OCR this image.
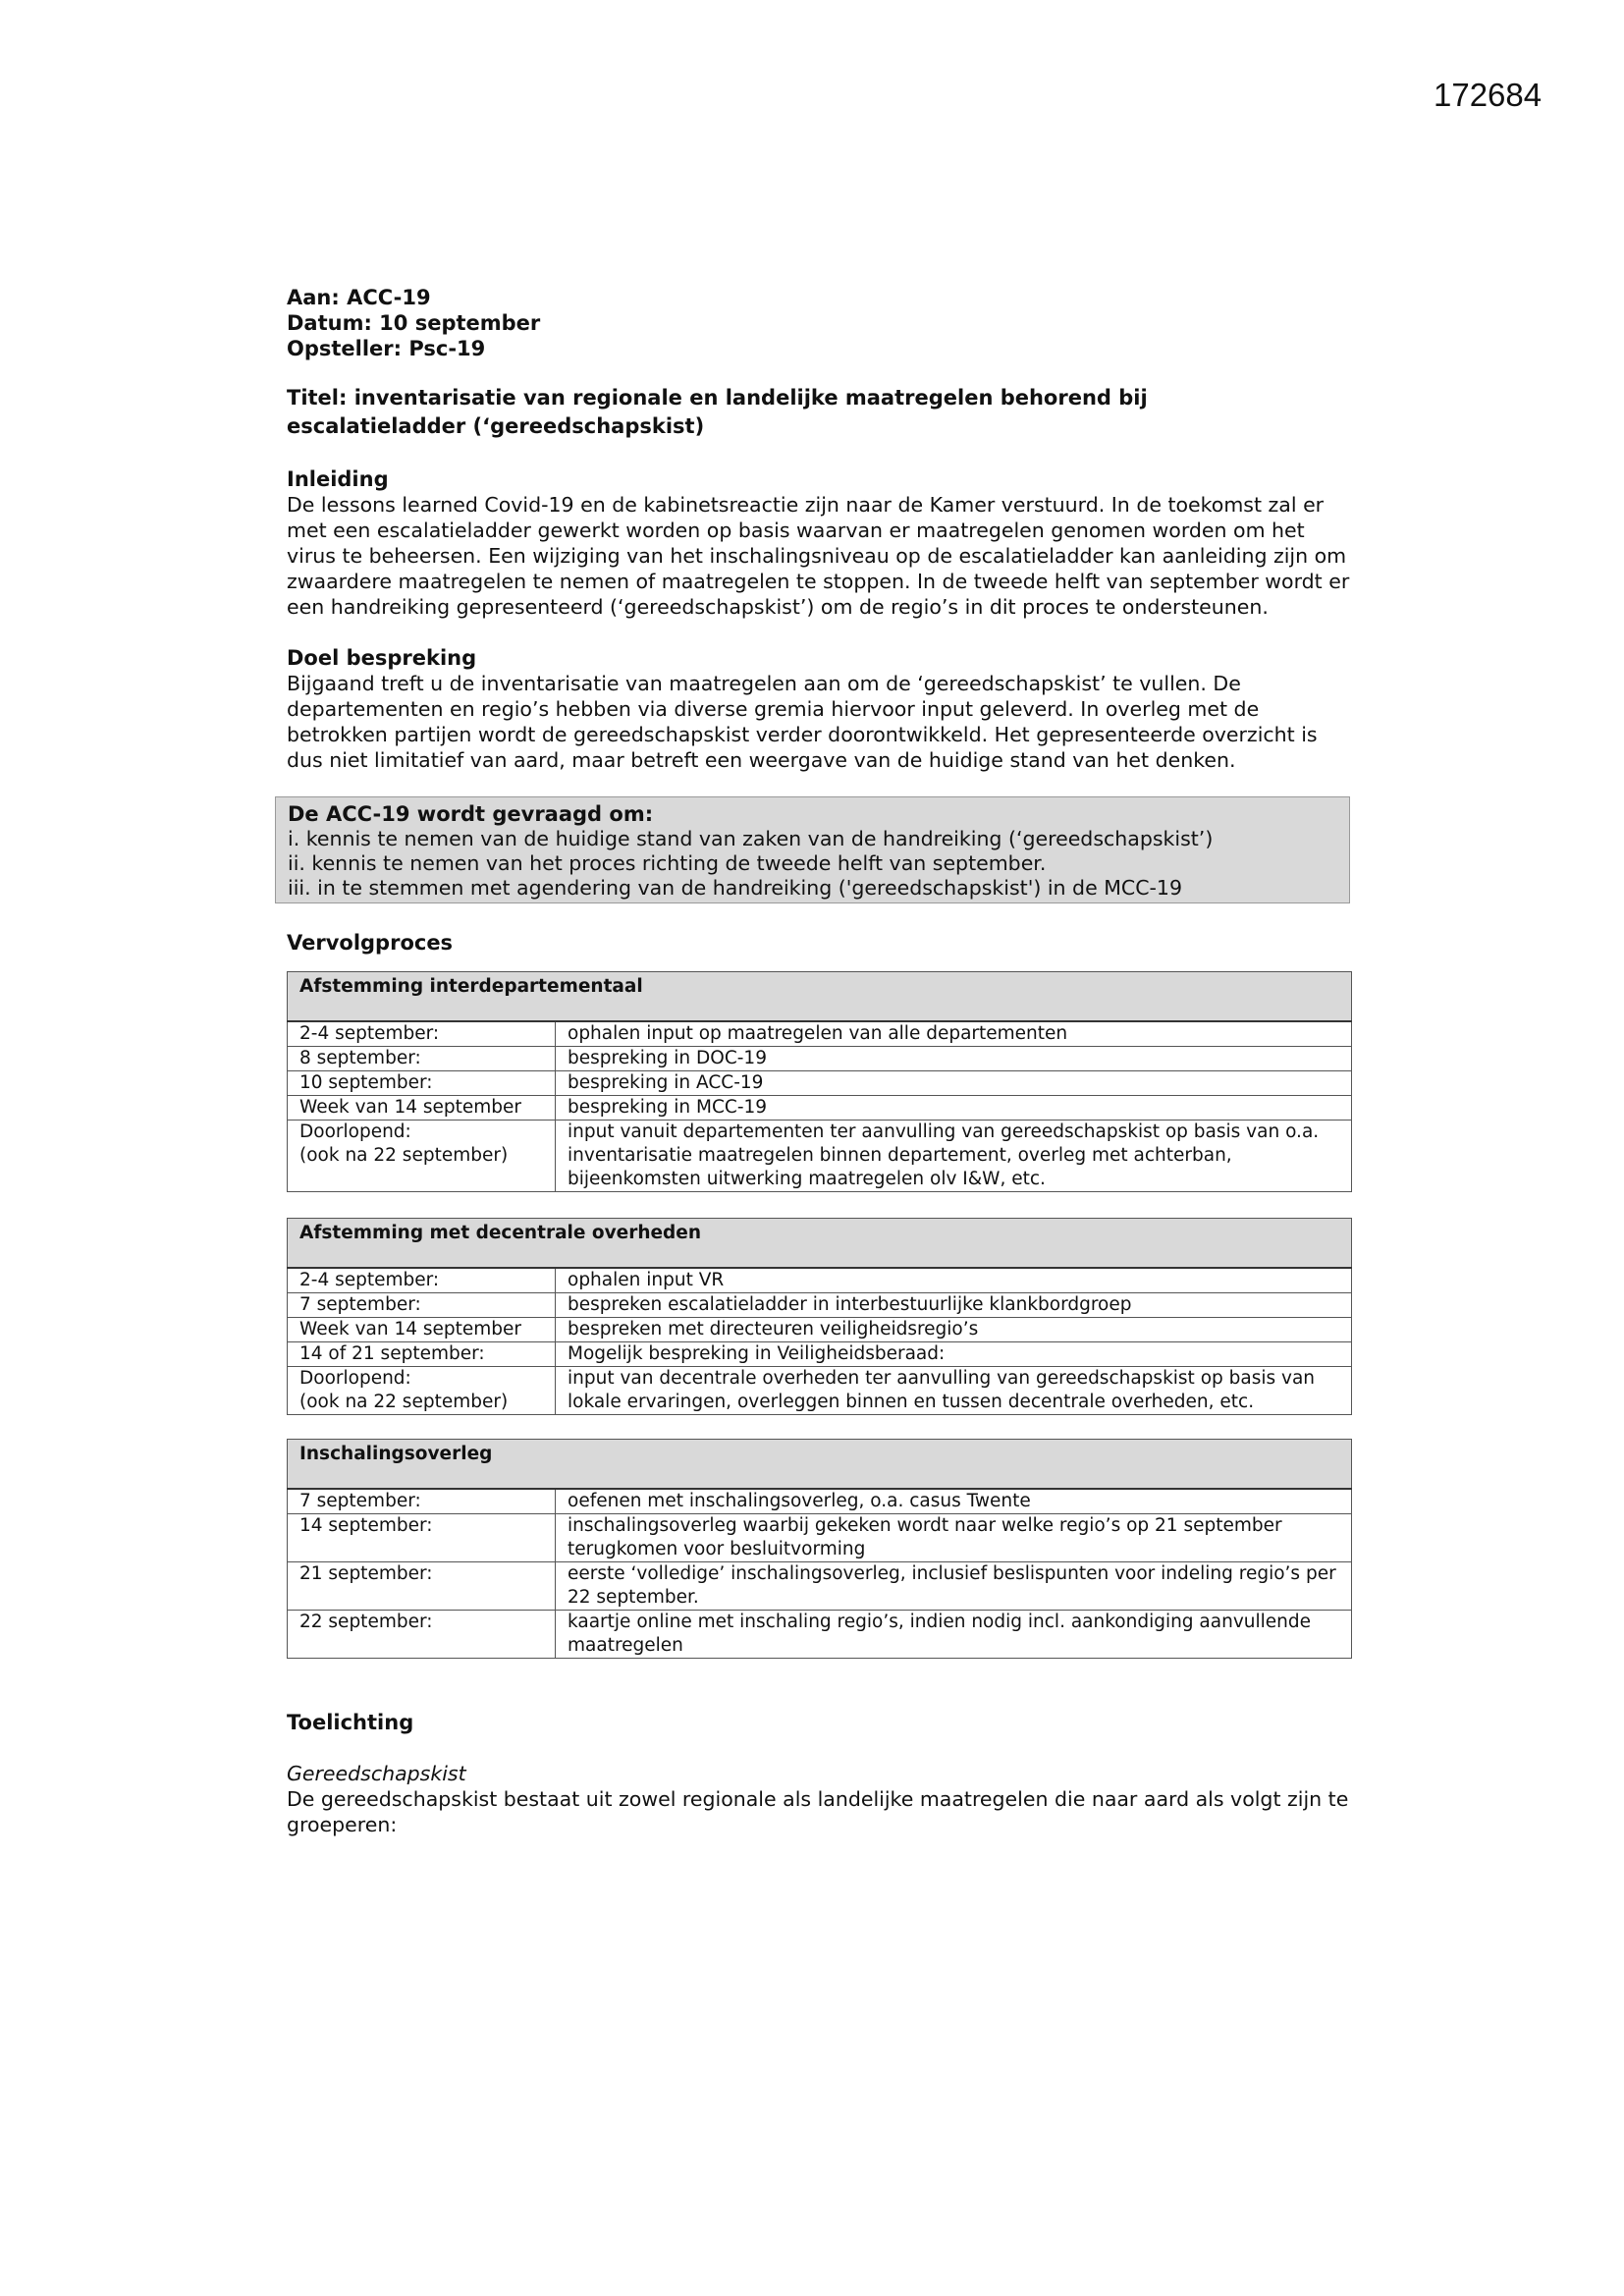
172684

Aan: ACC-19

Datum: 10 september

Opsteller: Psc-19

Titel: inventarisatie van regionale en landelijke maatregelen behorend bij escalatieladder (‘gereedschapskist)

Inleiding

De lessons learned Covid-19 en de kabinetsreactie zijn naar de Kamer verstuurd. In de toekomst zal er met een escalatieladder gewerkt worden op basis waarvan er maatregelen genomen worden om het virus te beheersen. Een wijziging van het inschalingsniveau op de escalatieladder kan aanleiding zijn om zwaardere maatregelen te nemen of maatregelen te stoppen. In de tweede helft van september wordt er een handreiking gepresenteerd (‘gereedschapskist’) om de regio’s in dit proces te ondersteunen.

Doel bespreking

Bijgaand treft u de inventarisatie van maatregelen aan om de ‘gereedschapskist’ te vullen. De departementen en regio’s hebben via diverse gremia hiervoor input geleverd. In overleg met de betrokken partijen wordt de gereedschapskist verder doorontwikkeld. Het gepresenteerde overzicht is dus niet limitatief van aard, maar betreft een weergave van de huidige stand van het denken.

De ACC-19 wordt gevraagd om:
i. kennis te nemen van de huidige stand van zaken van de handreiking (‘gereedschapskist’)
ii. kennis te nemen van het proces richting de tweede helft van september.
iii. in te stemmen met agendering van de handreiking ('gereedschapskist') in de MCC-19

Vervolgproces

Afstemming interdepartementaal	
2-4 september:	ophalen input op maatregelen van alle departementen
8 september:	bespreking in DOC-19
10 september:	bespreking in ACC-19
Week van 14 september	bespreking in MCC-19
Doorlopend:
(ook na 22 september)	input vanuit departementen ter aanvulling van gereedschapskist op basis van o.a. inventarisatie maatregelen binnen departement, overleg met achterban, bijeenkomsten uitwerking maatregelen olv I&W, etc.
Afstemming met decentrale overheden	
2-4 september:	ophalen input VR
7 september:	bespreken escalatieladder in interbestuurlijke klankbordgroep
Week van 14 september	bespreken met directeuren veiligheidsregio’s
14 of 21 september:	Mogelijk bespreking in Veiligheidsberaad:
Doorlopend:
(ook na 22 september)	input van decentrale overheden ter aanvulling van gereedschapskist op basis van lokale ervaringen, overleggen binnen en tussen decentrale overheden, etc.
Inschalingsoverleg	
7 september:	oefenen met inschalingsoverleg, o.a. casus Twente
14 september:	inschalingsoverleg waarbij gekeken wordt naar welke regio’s op 21 september terugkomen voor besluitvorming
21 september:	eerste ‘volledige’ inschalingsoverleg, inclusief beslispunten voor indeling regio’s per 22 september.
22 september:	kaartje online met inschaling regio’s, indien nodig incl. aankondiging aanvullende maatregelen

Toelichting

Gereedschapskist

De gereedschapskist bestaat uit zowel regionale als landelijke maatregelen die naar aard als volgt zijn te groeperen:
